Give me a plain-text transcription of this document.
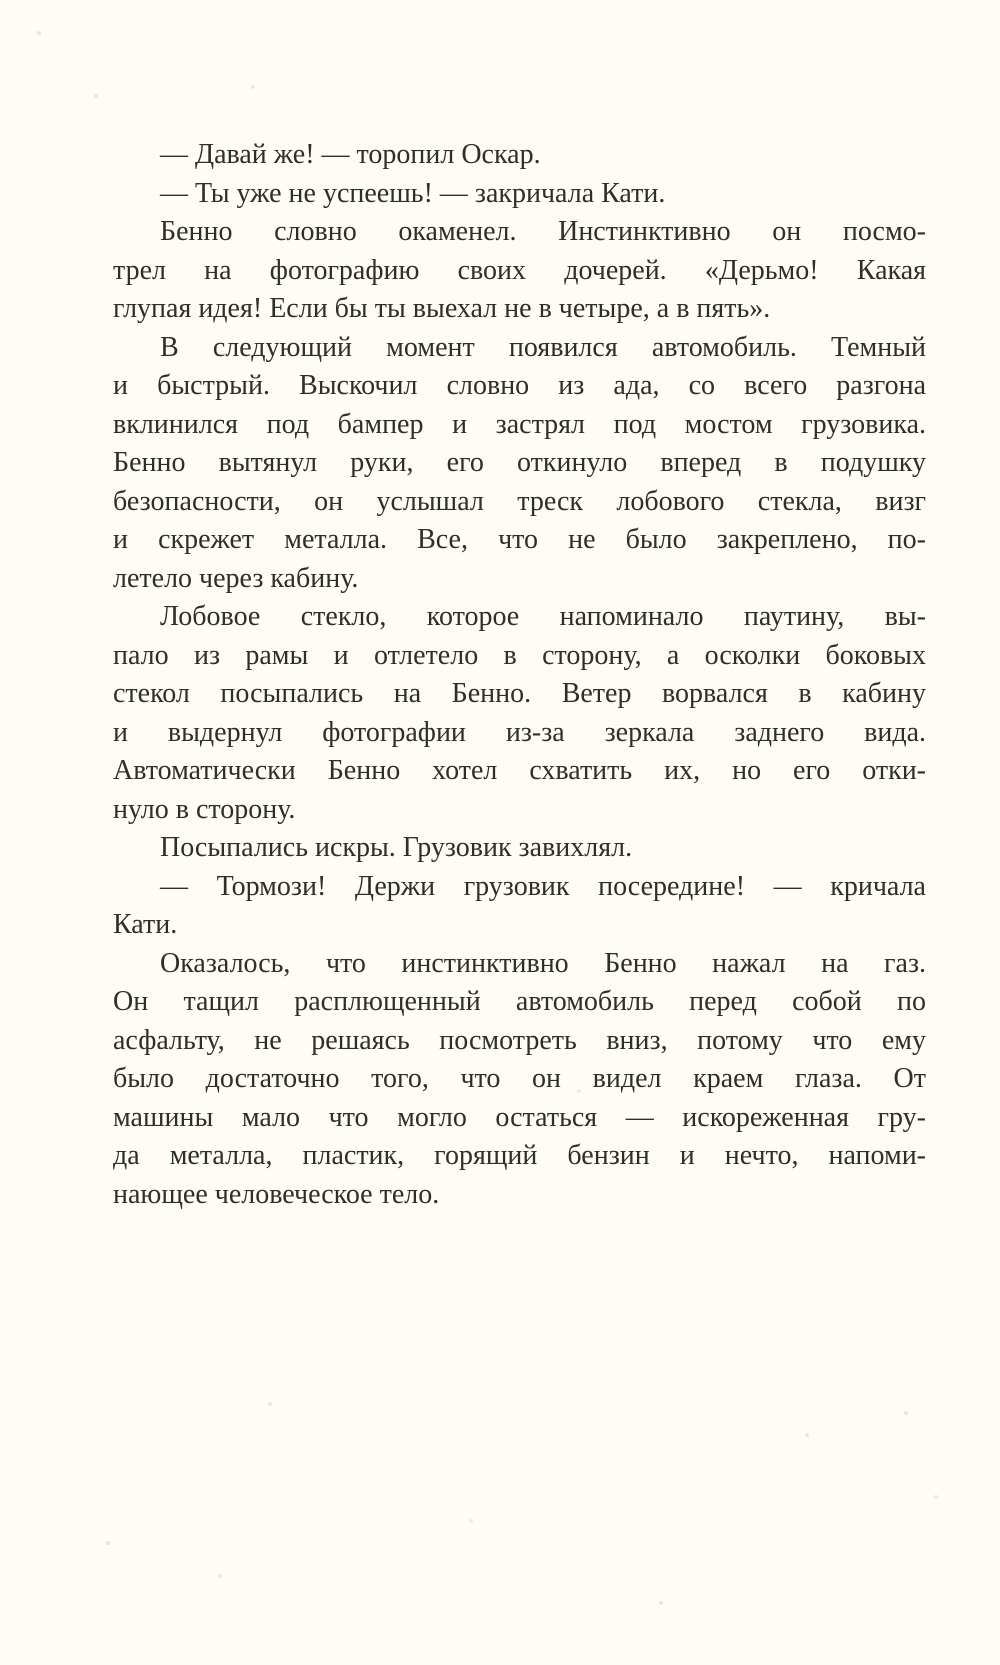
— Давай же! — торопил Оскар.

— Ты уже не успеешь! — закричала Кати.

Бенно словно окаменел. Инстинктивно он посмо-
трел на фотографию своих дочерей. «Дерьмо! Какая
глупая идея! Если бы ты выехал не в четыре, а в пять».

В следующий момент появился автомобиль. Темный
и быстрый. Выскочил словно из ада, со всего разгона
вклинился под бампер и застрял под мостом грузовика.
Бенно вытянул руки, его откинуло вперед в подушку
безопасности, он услышал треск лобового стекла, визг
и скрежет металла. Все, что не было закреплено, по-
летело через кабину.

Лобовое стекло, которое напоминало паутину, вы-
пало из рамы и отлетело в сторону, а осколки боковых
стекол посыпались на Бенно. Ветер ворвался в кабину
и выдернул фотографии из-за зеркала заднего вида.
Автоматически Бенно хотел схватить их, но его отки-
нуло в сторону.

Посыпались искры. Грузовик завихлял.

— Тормози! Держи грузовик посередине! — кричала
Кати.

Оказалось, что инстинктивно Бенно нажал на газ.
Он тащил расплющенный автомобиль перед собой по
асфальту, не решаясь посмотреть вниз, потому что ему
было достаточно того, что он видел краем глаза. От
машины мало что могло остаться — искореженная гру-
да металла, пластик, горящий бензин и нечто, напоми-
нающее человеческое тело.
